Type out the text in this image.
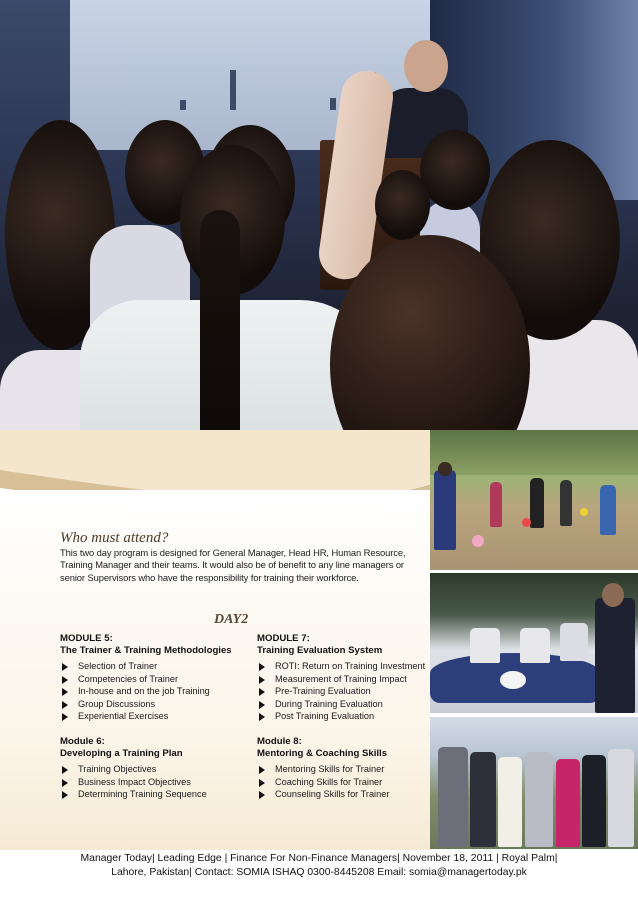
Who must attend?
This two day program is designed for General Manager, Head HR, Human Resource, Training Manager and their teams. It would also be of benefit to any line managers or senior Supervisors who have the responsibility for training their workforce.
DAY2
MODULE 5:
The Trainer & Training Methodologies
Selection of Trainer
Competencies of Trainer
In-house and on the job Training
Group Discussions
Experiential Exercises
MODULE 7:
Training Evaluation System
ROTI: Return on Training Investment
Measurement of Training Impact
Pre-Training Evaluation
During Training Evaluation
Post Training Evaluation
Module 6:
Developing a Training Plan
Training Objectives
Business Impact Objectives
Determining Training Sequence
Module 8:
Mentoring & Coaching Skills
Mentoring Skills for Trainer
Coaching Skills for Trainer
Counseling Skills for Trainer
Manager Today| Leading Edge | Finance For Non-Finance Managers| November 18, 2011 | Royal Palm|
Lahore, Pakistan| Contact: SOMIA ISHAQ 0300-8445208 Email: somia@managertoday.pk
